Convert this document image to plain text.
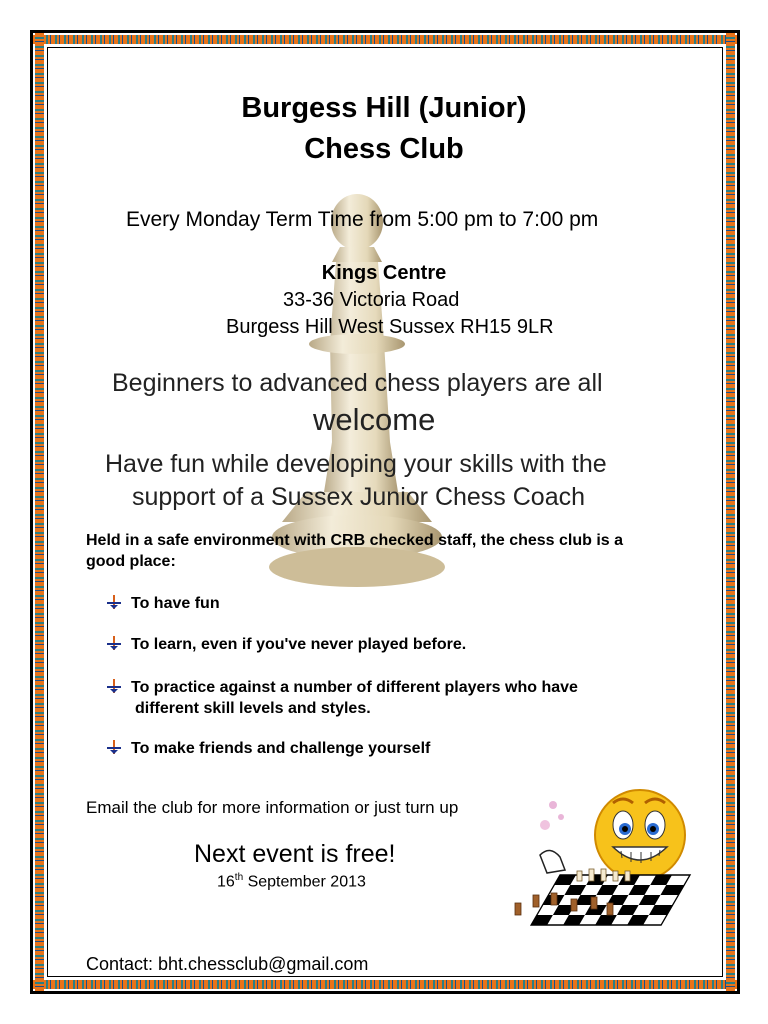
Burgess Hill (Junior)
Chess Club
Every Monday Term Time from 5:00 pm to 7:00 pm
Kings Centre
33-36 Victoria Road
Burgess Hill West Sussex RH15 9LR
Beginners to advanced chess players are all
welcome
Have fun while developing your skills with the
support of a Sussex Junior Chess Coach
Held in a safe environment with CRB checked staff, the chess club is a
good place:
To have fun
To learn, even if you've never played before.
To practice against a number of different players who have
different skill levels and styles.
To make friends and challenge yourself
Email the club for more information or just turn up
Next event is free!
16th September 2013
Contact: bht.chessclub@gmail.com
